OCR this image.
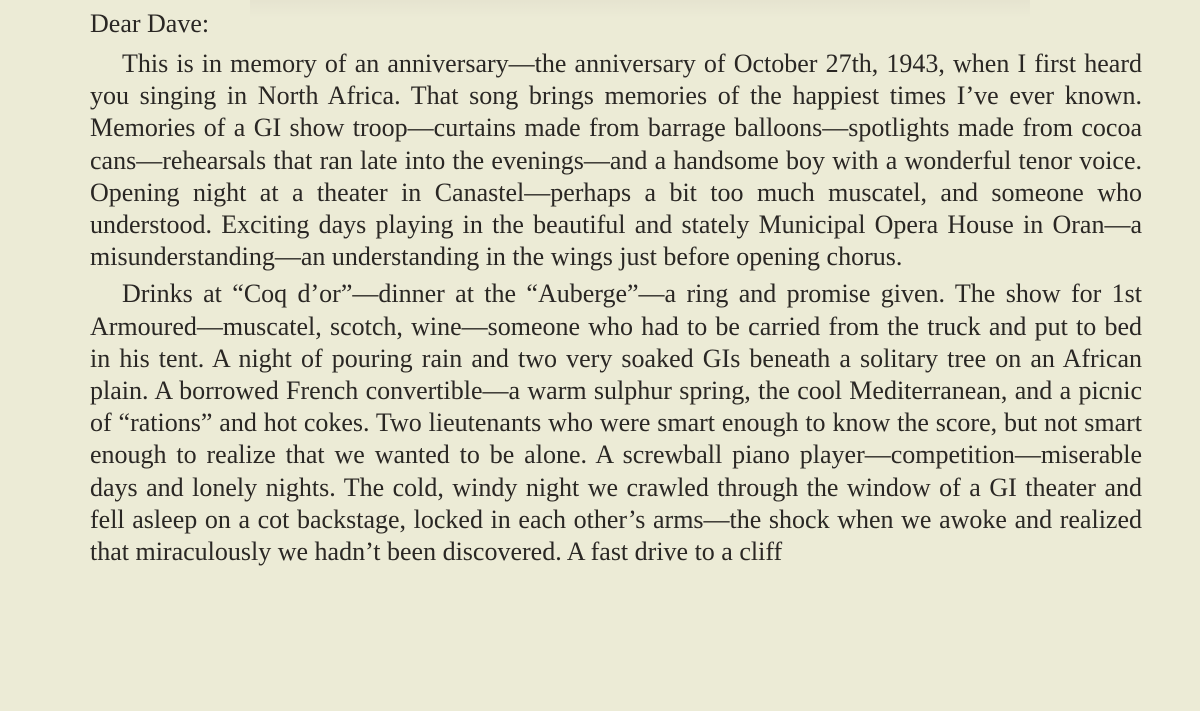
Dear Dave:

This is in memory of an anniversary—the anniversary of October 27th, 1943, when I first heard you singing in North Africa. That song brings memories of the happiest times I’ve ever known. Memories of a GI show troop—curtains made from barrage balloons—spotlights made from cocoa cans—rehearsals that ran late into the evenings—and a handsome boy with a wonderful tenor voice. Opening night at a theater in Canastel—perhaps a bit too much muscatel, and someone who understood. Exciting days playing in the beautiful and stately Municipal Opera House in Oran—a misunderstanding—an understanding in the wings just before opening chorus.

Drinks at “Coq d’or”—dinner at the “Auberge”—a ring and promise given. The show for 1st Armoured—muscatel, scotch, wine—someone who had to be carried from the truck and put to bed in his tent. A night of pouring rain and two very soaked GIs beneath a solitary tree on an African plain. A borrowed French convertible—a warm sulphur spring, the cool Mediterranean, and a picnic of “rations” and hot cokes. Two lieutenants who were smart enough to know the score, but not smart enough to realize that we wanted to be alone. A screwball piano player—competition—miserable days and lonely nights. The cold, windy night we crawled through the window of a GI theater and fell asleep on a cot backstage, locked in each other’s arms—the shock when we awoke and realized that miraculously we hadn’t been discovered. A fast drive to a cliff
